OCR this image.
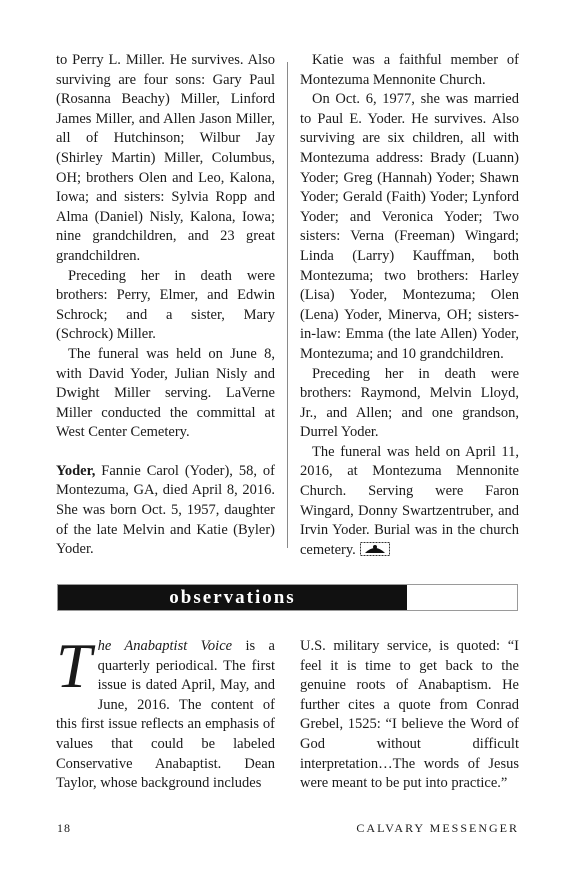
to Perry L. Miller. He survives. Also surviving are four sons: Gary Paul (Rosanna Beachy) Miller, Linford James Miller, and Allen Jason Miller, all of Hutchinson; Wilbur Jay (Shirley Martin) Miller, Columbus, OH; brothers Olen and Leo, Kalona, Iowa; and sisters: Sylvia Ropp and Alma (Daniel) Nisly, Kalona, Iowa; nine grandchildren, and 23 great grandchildren.

Preceding her in death were brothers: Perry, Elmer, and Edwin Schrock; and a sister, Mary (Schrock) Miller.

The funeral was held on June 8, with David Yoder, Julian Nisly and Dwight Miller serving. LaVerne Miller conducted the committal at West Center Cemetery.

Yoder, Fannie Carol (Yoder), 58, of Montezuma, GA, died April 8, 2016. She was born Oct. 5, 1957, daughter of the late Melvin and Katie (Byler) Yoder.

Katie was a faithful member of Montezuma Mennonite Church.

On Oct. 6, 1977, she was married to Paul E. Yoder. He survives. Also surviving are six children, all with Montezuma address: Brady (Luann) Yoder; Greg (Hannah) Yoder; Shawn Yoder; Gerald (Faith) Yoder; Lynford Yoder; and Veronica Yoder; Two sisters: Verna (Freeman) Wingard; Linda (Larry) Kauffman, both Montezuma; two brothers: Harley (Lisa) Yoder, Montezuma; Olen (Lena) Yoder, Minerva, OH; sisters-in-law: Emma (the late Allen) Yoder, Montezuma; and 10 grandchildren.

Preceding her in death were brothers: Raymond, Melvin Lloyd, Jr., and Allen; and one grandson, Durrel Yoder.

The funeral was held on April 11, 2016, at Montezuma Mennonite Church. Serving were Faron Wingard, Donny Swartzentruber, and Irvin Yoder. Burial was in the church cemetery.

observations

The Anabaptist Voice is a quarterly periodical. The first issue is dated April, May, and June, 2016. The content of this first issue reflects an emphasis of values that could be labeled Conservative Anabaptist. Dean Taylor, whose background includes

U.S. military service, is quoted: “I feel it is time to get back to the genuine roots of Anabaptism. He further cites a quote from Conrad Grebel, 1525: “I believe the Word of God without difficult interpretation…The words of Jesus were meant to be put into practice.”

18	CALVARY MESSENGER
